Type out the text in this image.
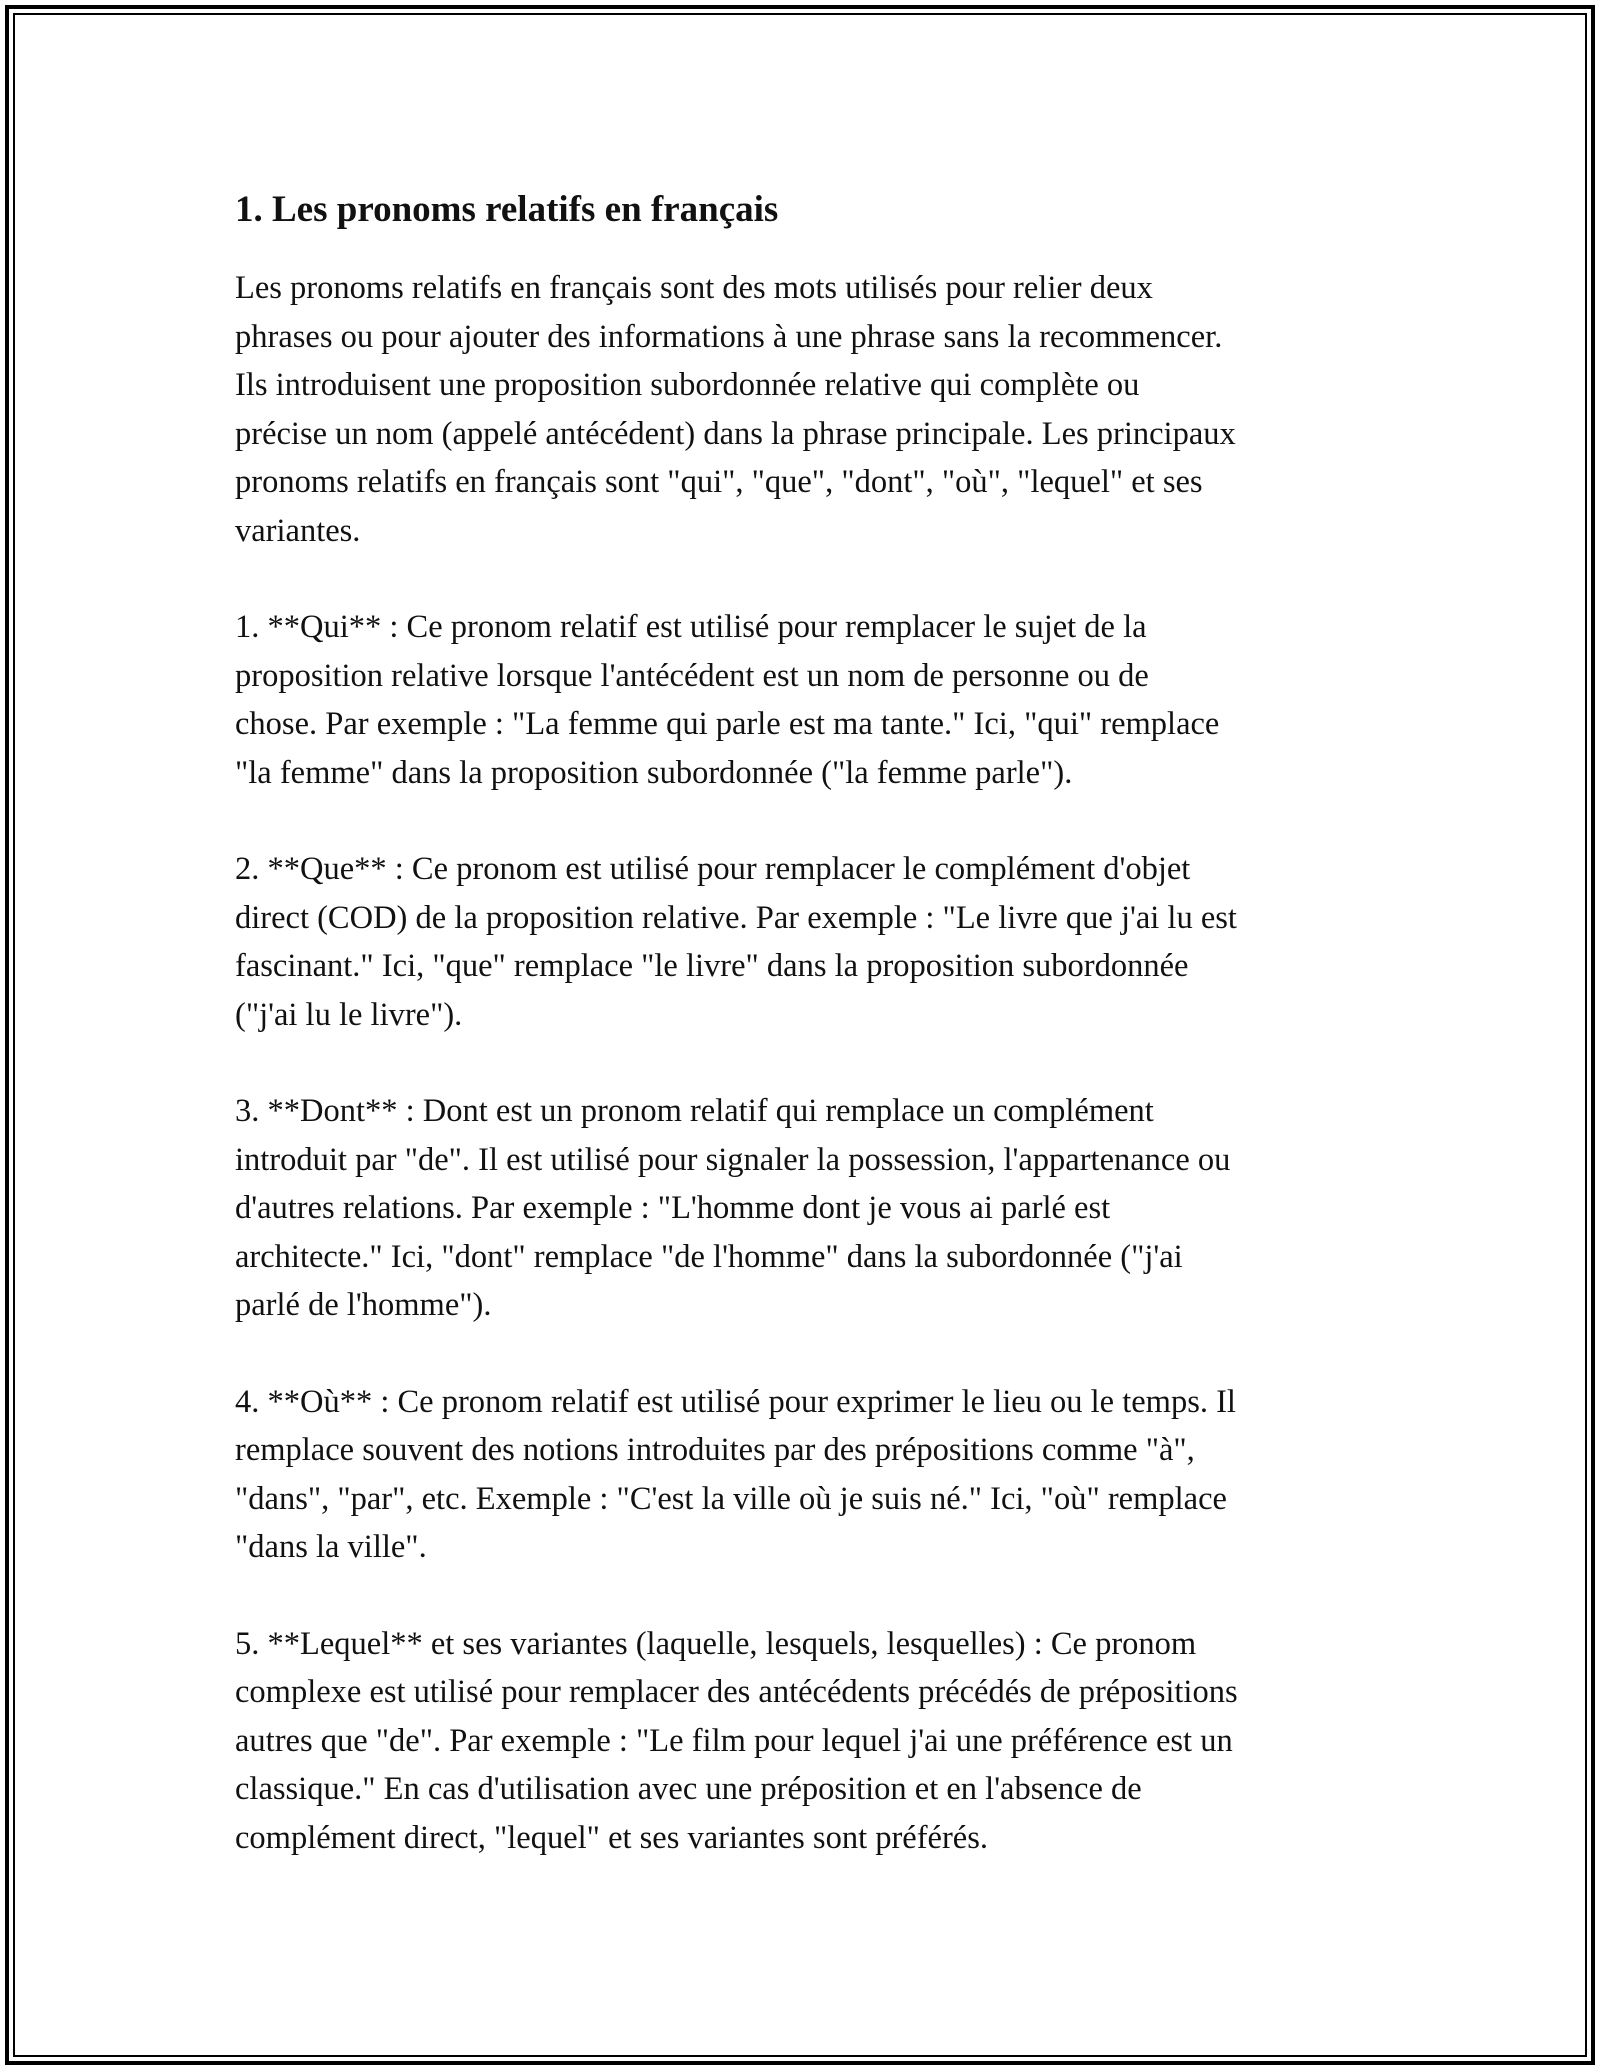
1. Les pronoms relatifs en français

Les pronoms relatifs en français sont des mots utilisés pour relier deux
phrases ou pour ajouter des informations à une phrase sans la recommencer.
Ils introduisent une proposition subordonnée relative qui complète ou
précise un nom (appelé antécédent) dans la phrase principale. Les principaux
pronoms relatifs en français sont "qui", "que", "dont", "où", "lequel" et ses
variantes.

1. **Qui** : Ce pronom relatif est utilisé pour remplacer le sujet de la
proposition relative lorsque l'antécédent est un nom de personne ou de
chose. Par exemple : "La femme qui parle est ma tante." Ici, "qui" remplace
"la femme" dans la proposition subordonnée ("la femme parle").

2. **Que** : Ce pronom est utilisé pour remplacer le complément d'objet
direct (COD) de la proposition relative. Par exemple : "Le livre que j'ai lu est
fascinant." Ici, "que" remplace "le livre" dans la proposition subordonnée
("j'ai lu le livre").

3. **Dont** : Dont est un pronom relatif qui remplace un complément
introduit par "de". Il est utilisé pour signaler la possession, l'appartenance ou
d'autres relations. Par exemple : "L'homme dont je vous ai parlé est
architecte." Ici, "dont" remplace "de l'homme" dans la subordonnée ("j'ai
parlé de l'homme").

4. **Où** : Ce pronom relatif est utilisé pour exprimer le lieu ou le temps. Il
remplace souvent des notions introduites par des prépositions comme "à",
"dans", "par", etc. Exemple : "C'est la ville où je suis né." Ici, "où" remplace
"dans la ville".

5. **Lequel** et ses variantes (laquelle, lesquels, lesquelles) : Ce pronom
complexe est utilisé pour remplacer des antécédents précédés de prépositions
autres que "de". Par exemple : "Le film pour lequel j'ai une préférence est un
classique." En cas d'utilisation avec une préposition et en l'absence de
complément direct, "lequel" et ses variantes sont préférés.
